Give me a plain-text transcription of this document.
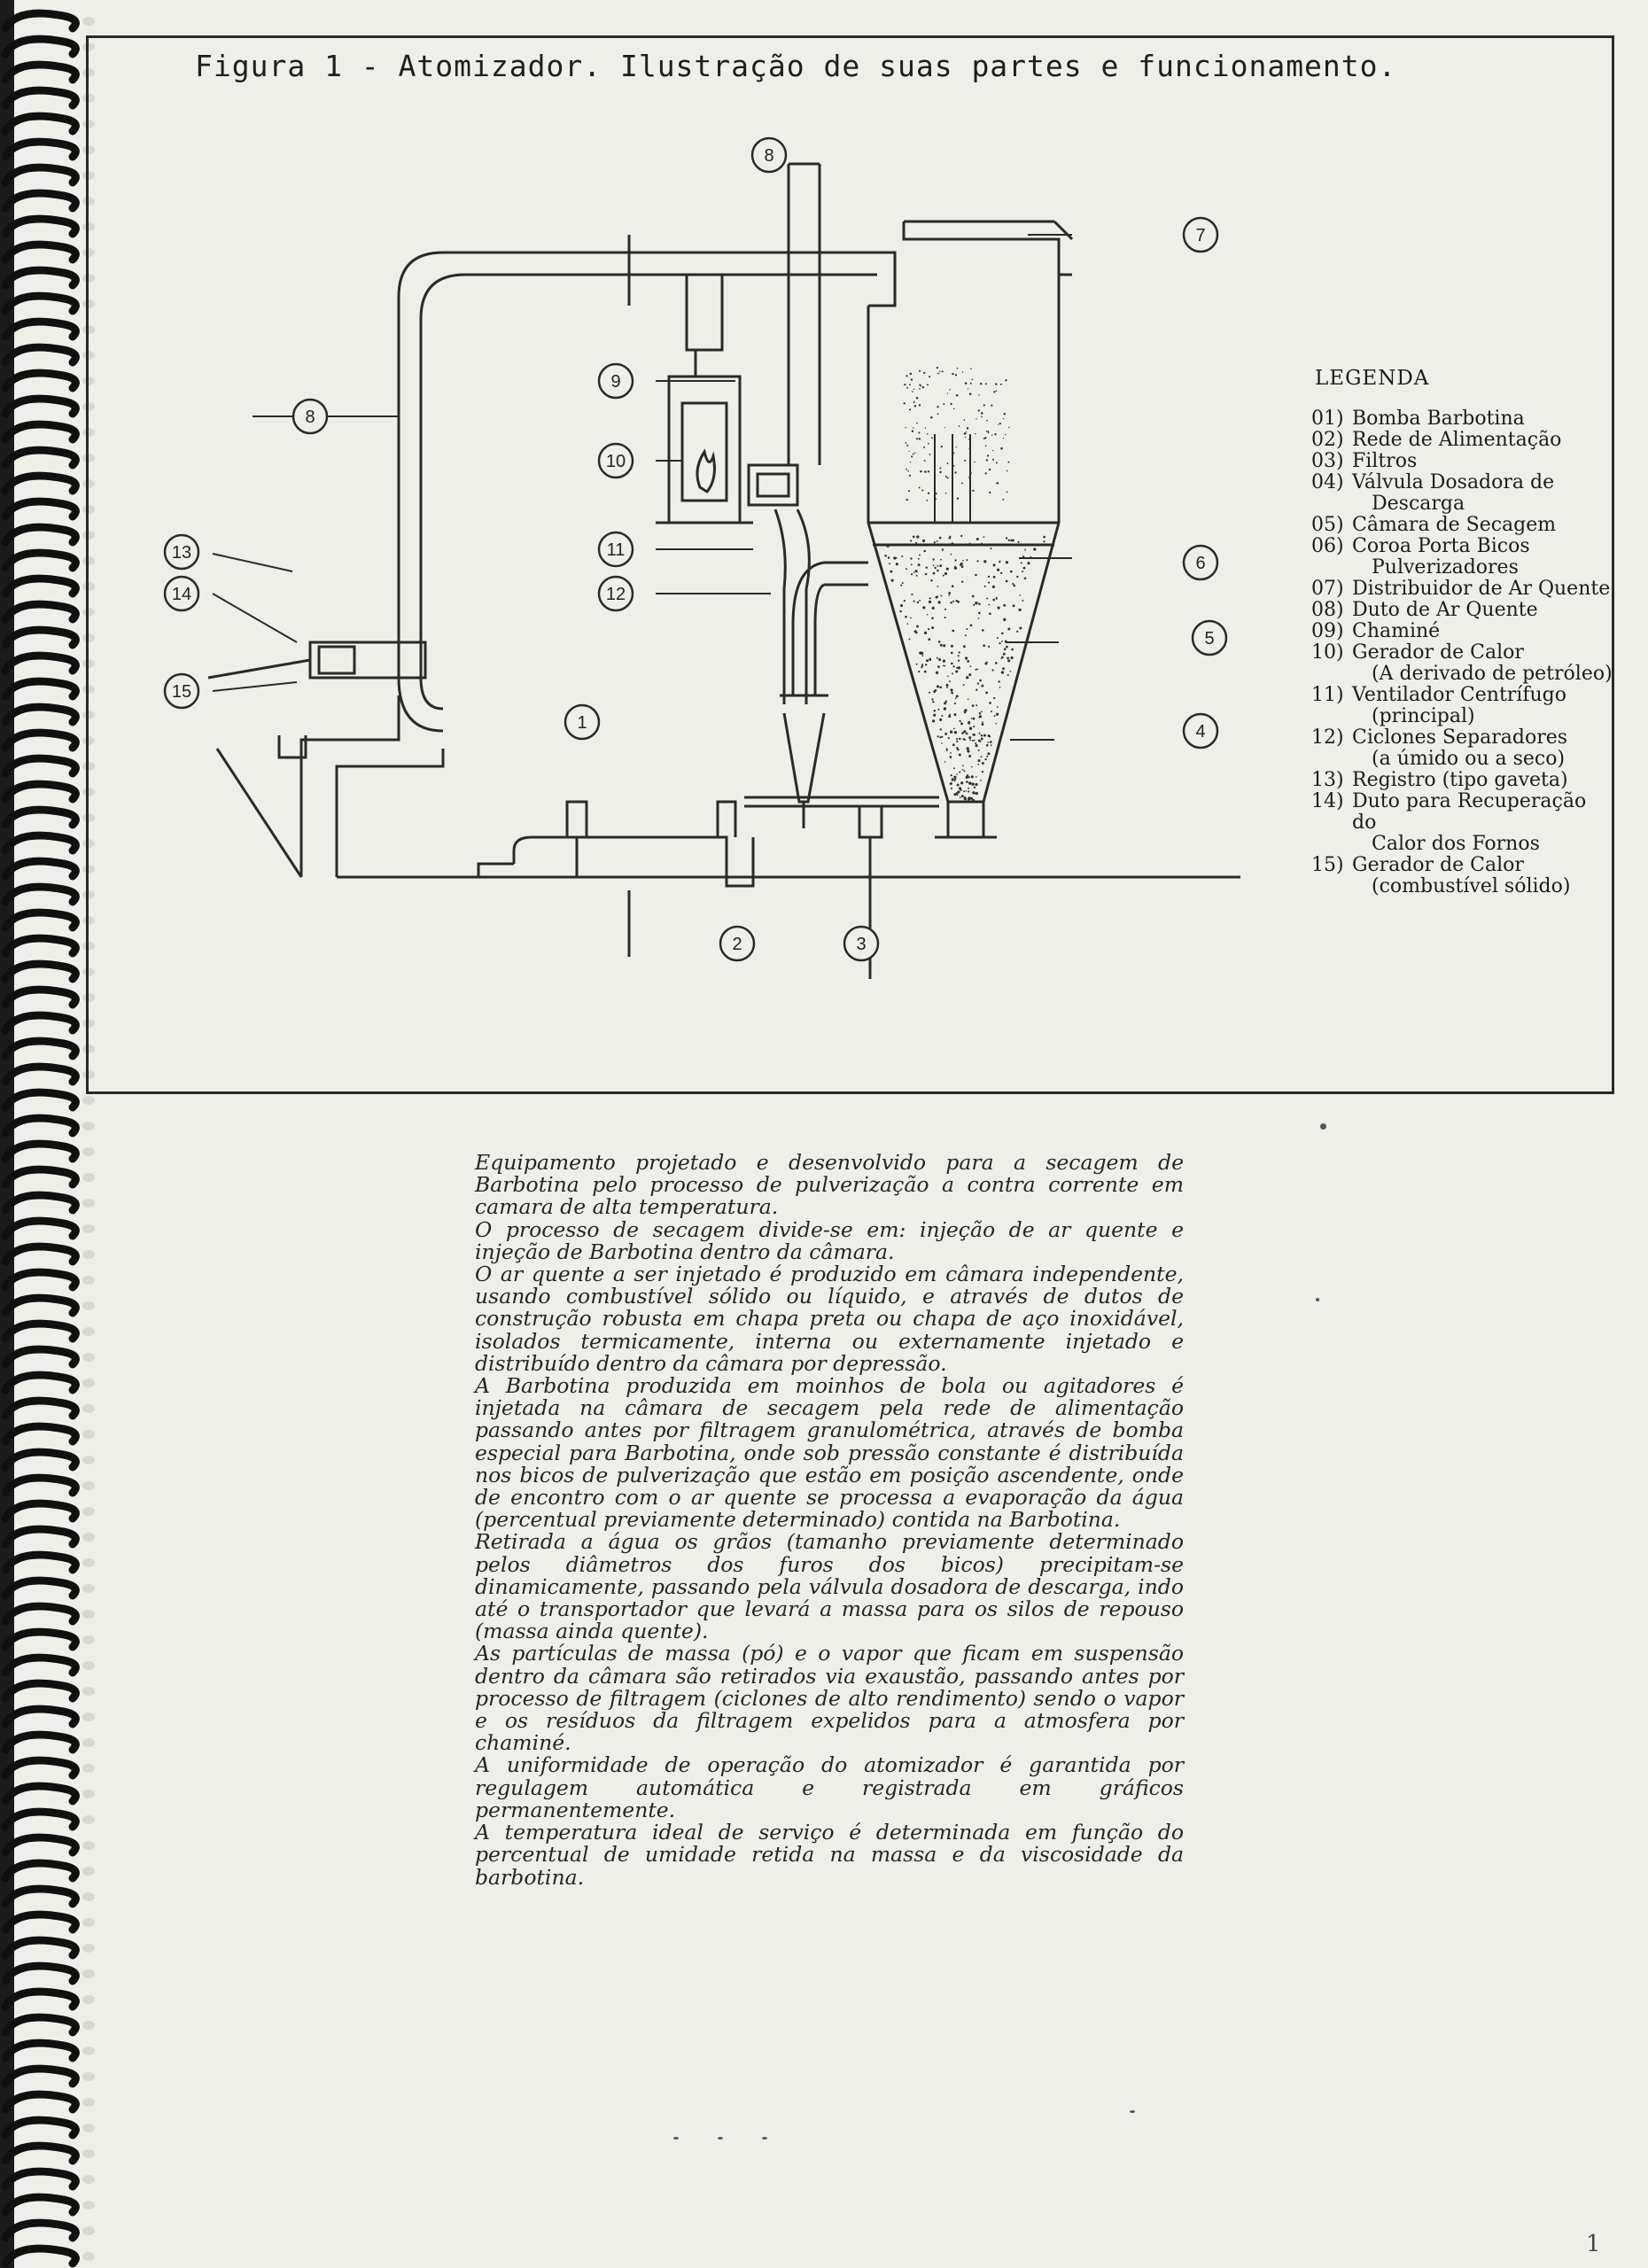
Figura 1 - Atomizador. Ilustração de suas partes e funcionamento.
1
2	3
4
5
6
7
8
8
9
10
11
12
13
14
15
LEGENDA
01) Bomba Barbotina
02) Rede de Alimentação
03) Filtros
04) Válvula Dosadora de
Descarga
05) Câmara de Secagem
06) Coroa Porta Bicos
Pulverizadores
07) Distribuidor de Ar Quente
08) Duto de Ar Quente
09) Chaminé
10) Gerador de Calor
(A derivado de petróleo)
11) Ventilador Centrífugo
(principal)
12) Ciclones Separadores
(a úmido ou a seco)
13) Registro (tipo gaveta)
14) Duto para Recuperação do
Calor dos Fornos
15) Gerador de Calor
(combustível sólido)

Equipamento projetado e desenvolvido para a secagem de Barbotina pelo processo de pulverização a contra corrente em camara de alta temperatura.

O processo de secagem divide-se em: injeção de ar quente e injeção de Barbotina dentro da câmara.

O ar quente a ser injetado é produzido em câmara independente, usando combustível sólido ou líquido, e através de dutos de construção robusta em chapa preta ou chapa de aço inoxidável, isolados termicamente, interna ou externamente injetado e distribuído dentro da câmara por depressão.

A Barbotina produzida em moinhos de bola ou agitadores é injetada na câmara de secagem pela rede de alimentação passando antes por filtragem granulométrica, através de bomba especial para Barbotina, onde sob pressão constante é distribuída nos bicos de pulverização que estão em posição ascendente, onde de encontro com o ar quente se processa a evaporação da água (percentual previamente determinado) contida na Barbotina.

Retirada a água os grãos (tamanho previamente determinado pelos diâmetros dos furos dos bicos) precipitam-se dinamicamente, passando pela válvula dosadora de descarga, indo até o transportador que levará a massa para os silos de repouso (massa ainda quente).

As partículas de massa (pó) e o vapor que ficam em suspensão dentro da câmara são retirados via exaustão, passando antes por processo de filtragem (ciclones de alto rendimento) sendo o vapor e os resíduos da filtragem expelidos para a atmosfera por chaminé.

A uniformidade de operação do atomizador é garantida por regulagem automática e registrada em gráficos permanentemente.

A temperatura ideal de serviço é determinada em função do percentual de umidade retida na massa e da viscosidade da barbotina.

1
